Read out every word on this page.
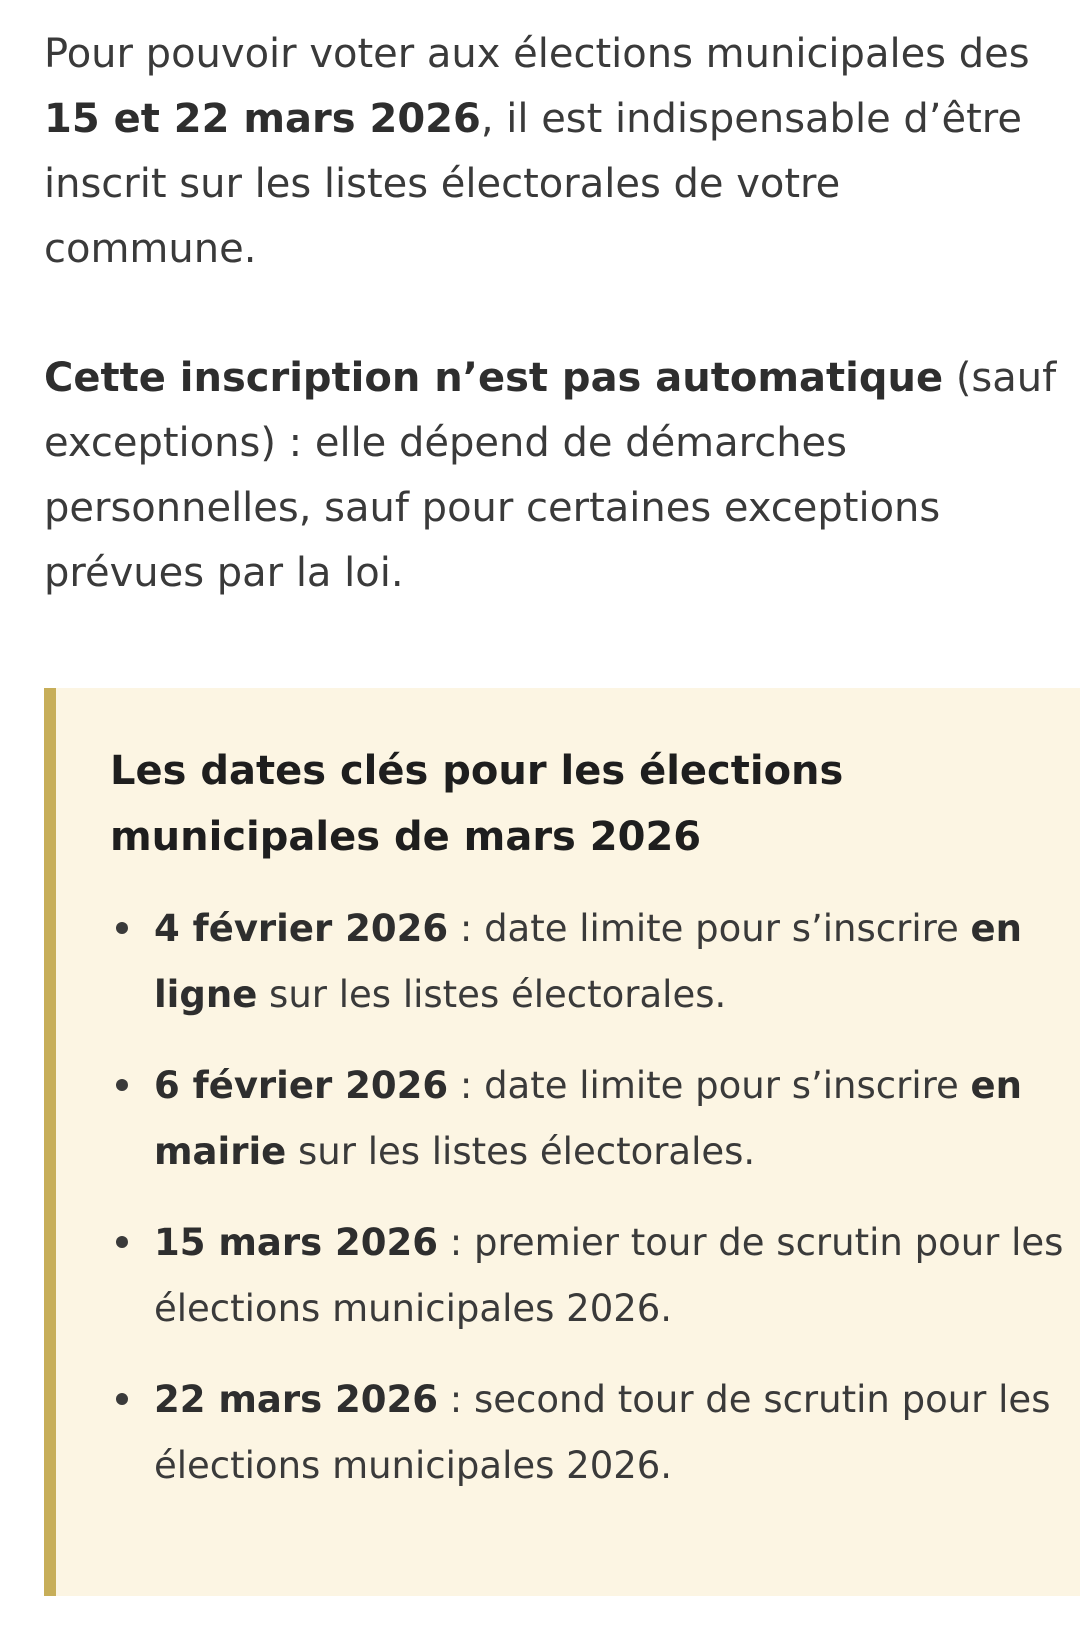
Pour pouvoir voter aux élections municipales des
15 et 22 mars 2026, il est indispensable d’être
inscrit sur les listes électorales de votre
commune.

Cette inscription n’est pas automatique (sauf
exceptions) : elle dépend de démarches
personnelles, sauf pour certaines exceptions
prévues par la loi.

Les dates clés pour les élections
municipales de mars 2026
4 février 2026 : date limite pour s’inscrire en
ligne sur les listes électorales.
6 février 2026 : date limite pour s’inscrire en
mairie sur les listes électorales.
15 mars 2026 : premier tour de scrutin pour les
élections municipales 2026.
22 mars 2026 : second tour de scrutin pour les
élections municipales 2026.
